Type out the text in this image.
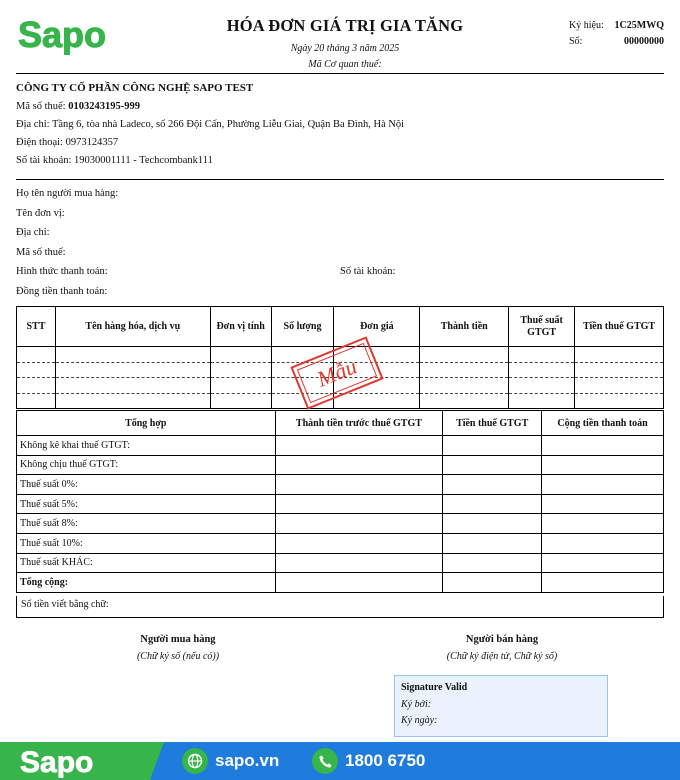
Sapo	HÓA ĐƠN GIÁ TRỊ GIA TĂNG
Ngày 20 tháng 3 năm 2025
Mã Cơ quan thuế:
Ký hiệu: 1C25MWQ
Số:	00000000
CÔNG TY CỔ PHẦN CÔNG NGHỆ SAPO TEST
Mã số thuế: 0103243195-999
Địa chỉ: Tầng 6, tòa nhà Ladeco, số 266 Đội Cấn, Phường Liễu Giai, Quận Ba Đình, Hà Nội
Điện thoại: 0973124357
Số tài khoản: 19030001111 - Techcombank111
Họ tên người mua hàng:
Tên đơn vị:
Địa chỉ:
Mã số thuế:
Hình thức thanh toán:	Số tài khoản:
Đồng tiền thanh toán:
STT	Tên hàng hóa, dịch vụ	Đơn vị tính	Số lượng	Đơn giá	Thành tiền	Thuế suất GTGT	Tiền thuế GTGT

Mẫu
Tổng hợp	Thành tiền trước thuế GTGT	Tiền thuế GTGT	Cộng tiền thanh toán
Không kê khai thuế GTGT:			
Không chịu thuế GTGT:			
Thuế suất 0%:			
Thuế suất 5%:			
Thuế suất 8%:			
Thuế suất 10%:			
Thuế suất KHÁC:			
Tổng cộng:			
Số tiền viết bằng chữ:
Người mua hàng
(Chữ ký số (nếu có))
Người bán hàng
(Chữ ký điện tử, Chữ ký số)
Signature Valid
Ký bởi:
Ký ngày:
Sapo	sapo.vn	1800 6750
